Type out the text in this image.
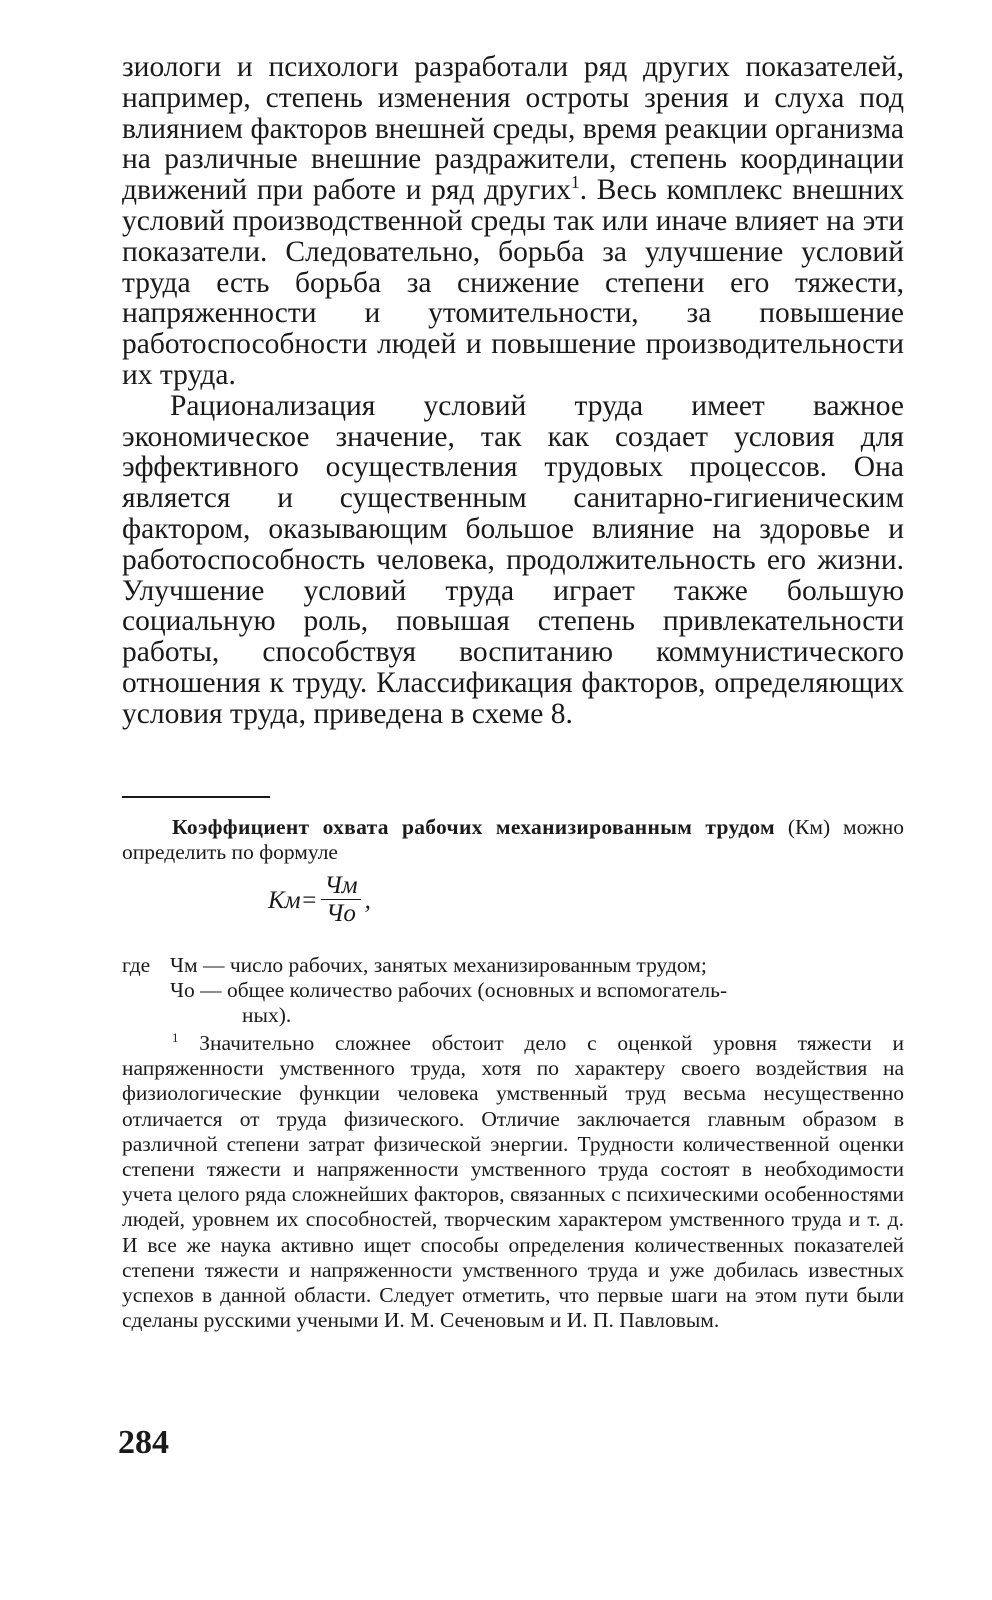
зиологи и психологи разработали ряд других показателей, например, степень изменения остроты зрения и слуха под влиянием факторов внешней среды, время реакции организма на различные внешние раздражители, степень координации движений при работе и ряд других$^1$. Весь комплекс внешних условий производственной среды так или иначе влияет на эти показатели. Следовательно, борьба за улучшение условий труда есть борьба за снижение степени его тяжести, напряженности и утомительности, за повышение работоспособности людей и повышение производительности их труда.

Рационализация условий труда имеет важное экономическое значение, так как создает условия для эффективного осуществления трудовых процессов. Она является и существенным санитарно-гигиеническим фактором, оказывающим большое влияние на здоровье и работоспособность человека, продолжительность его жизни. Улучшение условий труда играет также большую социальную роль, повышая степень привлекательности работы, способствуя воспитанию коммунистического отношения к труду. Классификация факторов, определяющих условия труда, приведена в схеме 8.

Коэффициент охвата рабочих механизированным трудом (Км) можно определить по формуле

Км = $\frac{Чм}{Чо}$ ,
где Чм — число рабочих, занятых механизированным трудом;
Чо — общее количество рабочих (основных и вспомогатель-
ных).

$^1$ Значительно сложнее обстоит дело с оценкой уровня тяжести и напряженности умственного труда, хотя по характеру своего воздействия на физиологические функции человека умственный труд весьма несущественно отличается от труда физического. Отличие заключается главным образом в различной степени затрат физической энергии. Трудности количественной оценки степени тяжести и напряженности умственного труда состоят в необходимости учета целого ряда сложнейших факторов, связанных с психическими особенностями людей, уровнем их способностей, творческим характером умственного труда и т. д. И все же наука активно ищет способы определения количественных показателей степени тяжести и напряженности умственного труда и уже добилась известных успехов в данной области. Следует отметить, что первые шаги на этом пути были сделаны русскими учеными И. М. Сеченовым и И. П. Павловым.

284
